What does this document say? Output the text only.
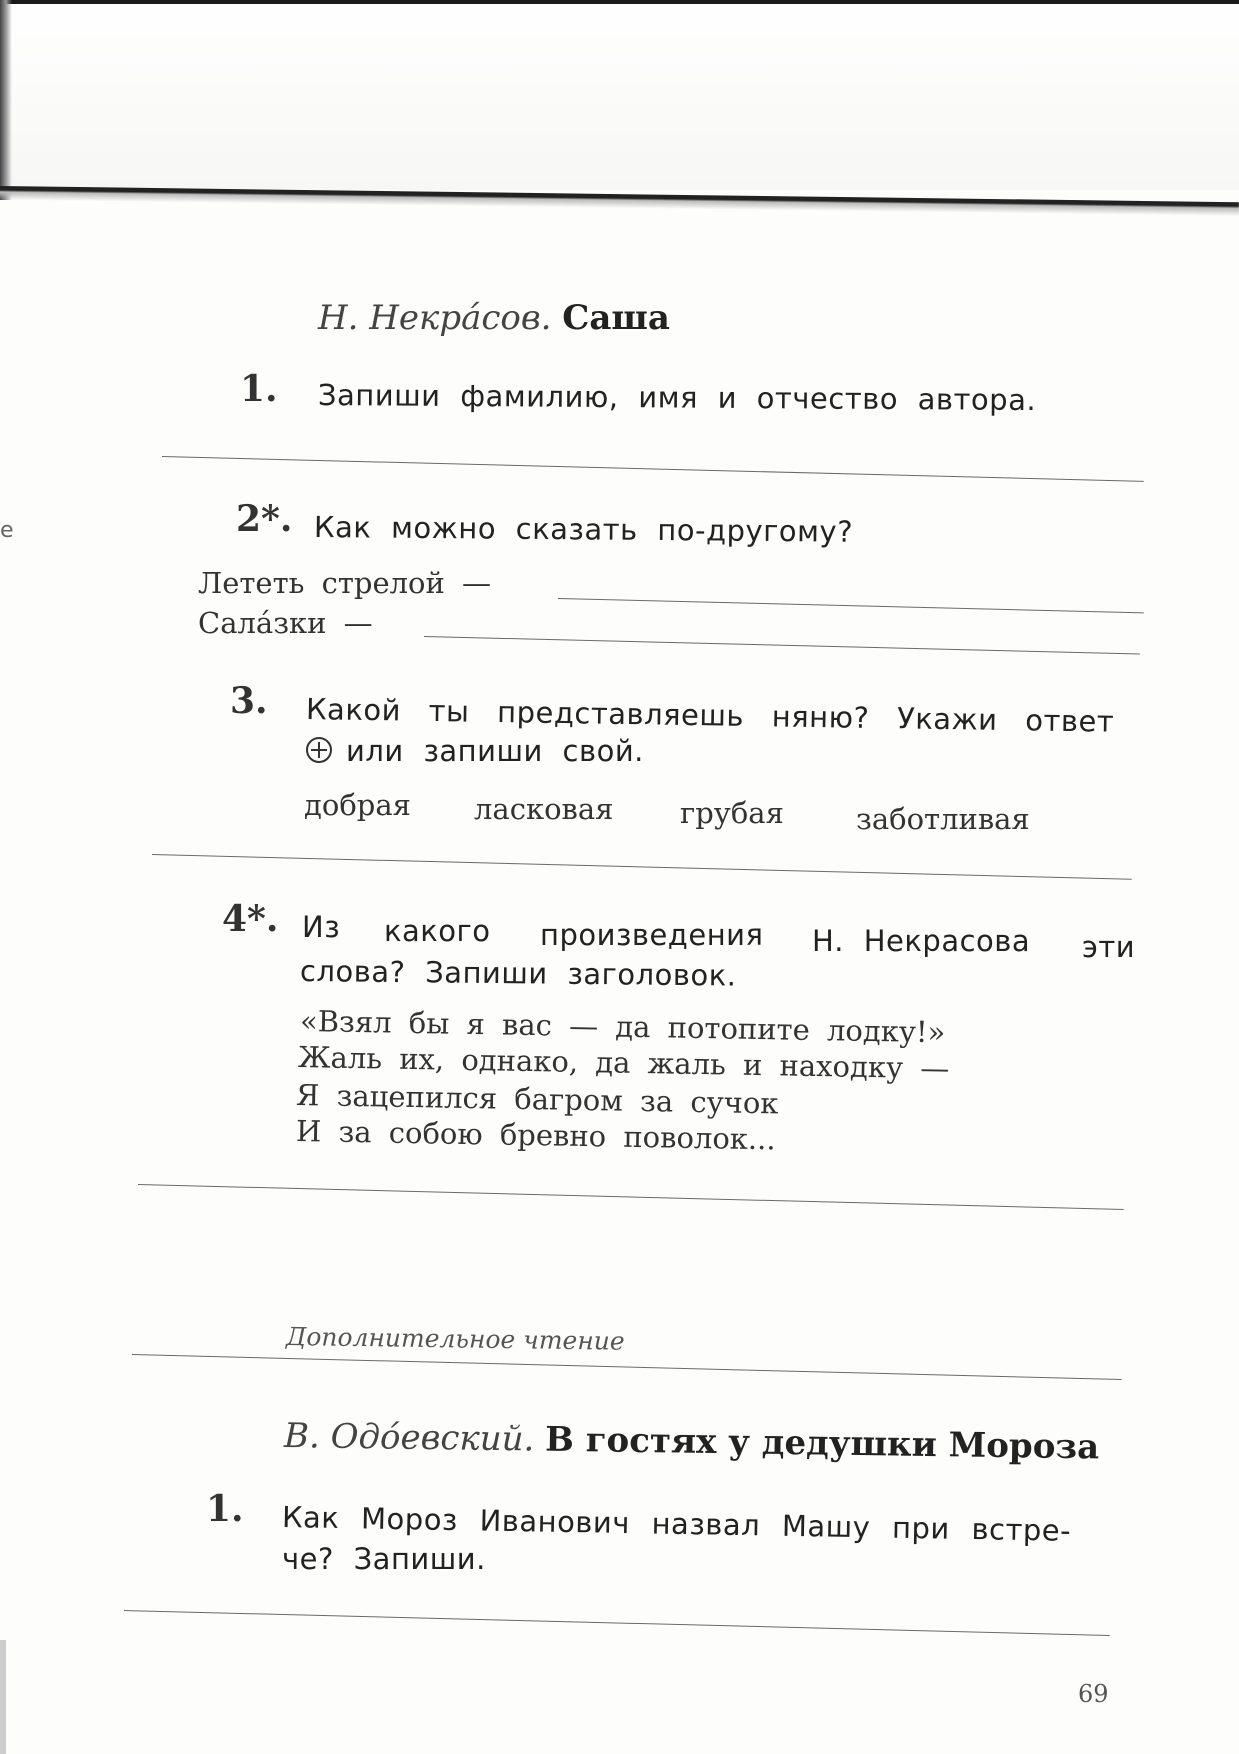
е
Н. Некра́сов. Саша
1. Запиши фамилию, имя и отчество автора.
2*. Как можно сказать по-другому?
Лететь стрелой —
Сала́зки —
3. Какой ты представляешь няню? Укажи ответ
или запиши свой.
добрая ласковая грубая заботливая
4*. Из какого произведения Н. Некрасова эти
слова? Запиши заголовок.
«Взял бы я вас — да потопите лодку!»
Жаль их, однако, да жаль и находку —
Я зацепился багром за сучок
И за собою бревно поволок...
Дополнительное чтение
В. Одо́евский. В гостях у дедушки Мороза
1. Как Мороз Иванович назвал Машу при встре-
че? Запиши.
69
